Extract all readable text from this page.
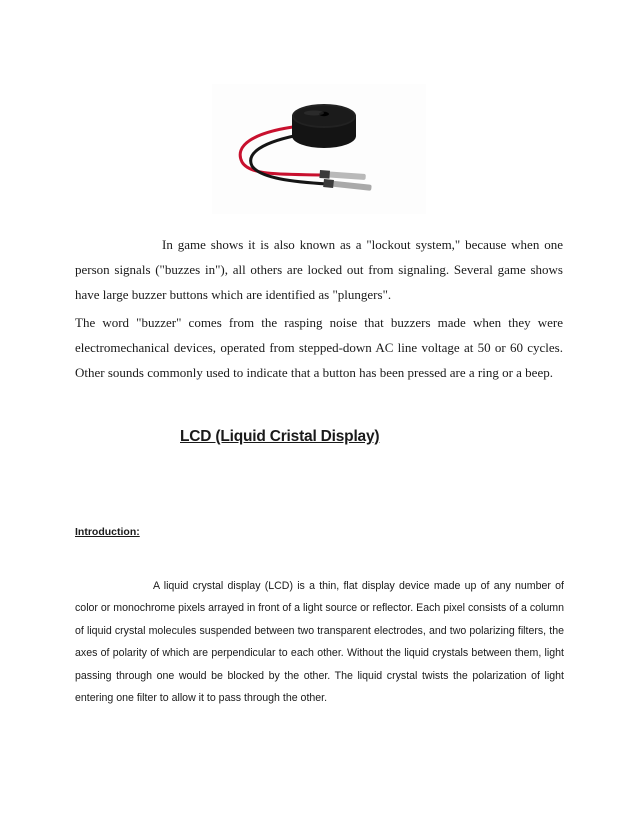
In game shows it is also known as a "lockout system," because when one person signals ("buzzes in"), all others are locked out from signaling. Several game shows have large buzzer buttons which are identified as "plungers".

The word "buzzer" comes from the rasping noise that buzzers made when they were electromechanical devices, operated from stepped-down AC line voltage at 50 or 60 cycles. Other sounds commonly used to indicate that a button has been pressed are a ring or a beep.

LCD (Liquid Cristal Display)
Introduction:

A liquid crystal display (LCD) is a thin, flat display device made up of any number of color or monochrome pixels arrayed in front of a light source or reflector. Each pixel consists of a column of liquid crystal molecules suspended between two transparent electrodes, and two polarizing filters, the axes of polarity of which are perpendicular to each other. Without the liquid crystals between them, light passing through one would be blocked by the other. The liquid crystal twists the polarization of light entering one filter to allow it to pass through the other.
